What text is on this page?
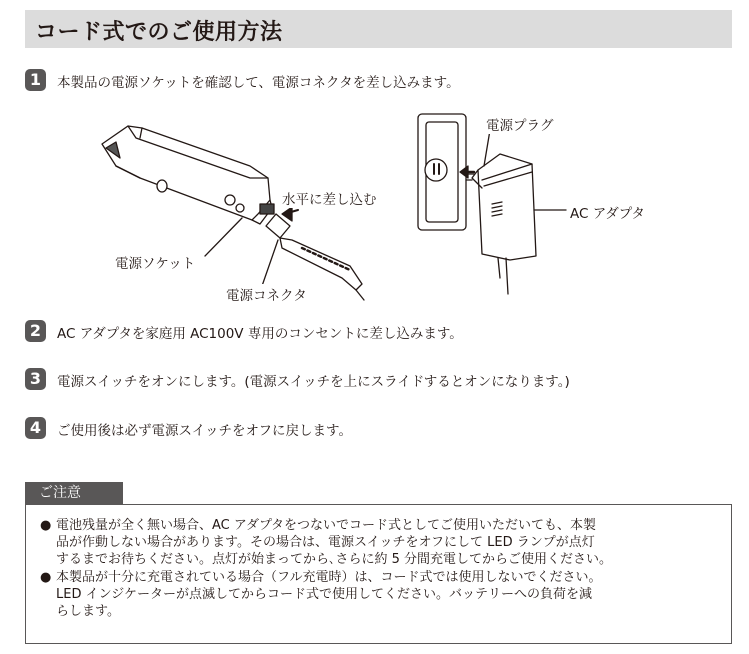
コード式でのご使用方法
1	本製品の電源ソケットを確認して、電源コネクタを差し込みます。
水平に差し込む
電源ソケット
電源コネクタ
電源プラグ
AC アダプタ
2	AC アダプタを家庭用 AC100V 専用のコンセントに差し込みます。
3	電源スイッチをオンにします。(電源スイッチを上にスライドするとオンになります。)
4	ご使用後は必ず電源スイッチをオフに戻します。
ご注意
● 電池残量が全く無い場合、AC アダプタをつないでコード式としてご使用いただいても、本製
品が作動しない場合があります。その場合は、電源スイッチをオフにして LED ランプが点灯
するまでお待ちください。点灯が始まってから､さらに約 5 分間充電してからご使用ください。
● 本製品が十分に充電されている場合（フル充電時）は、コード式では使用しないでください。
LED インジケーターが点滅してからコード式で使用してください。バッテリーへの負荷を減
らします。
